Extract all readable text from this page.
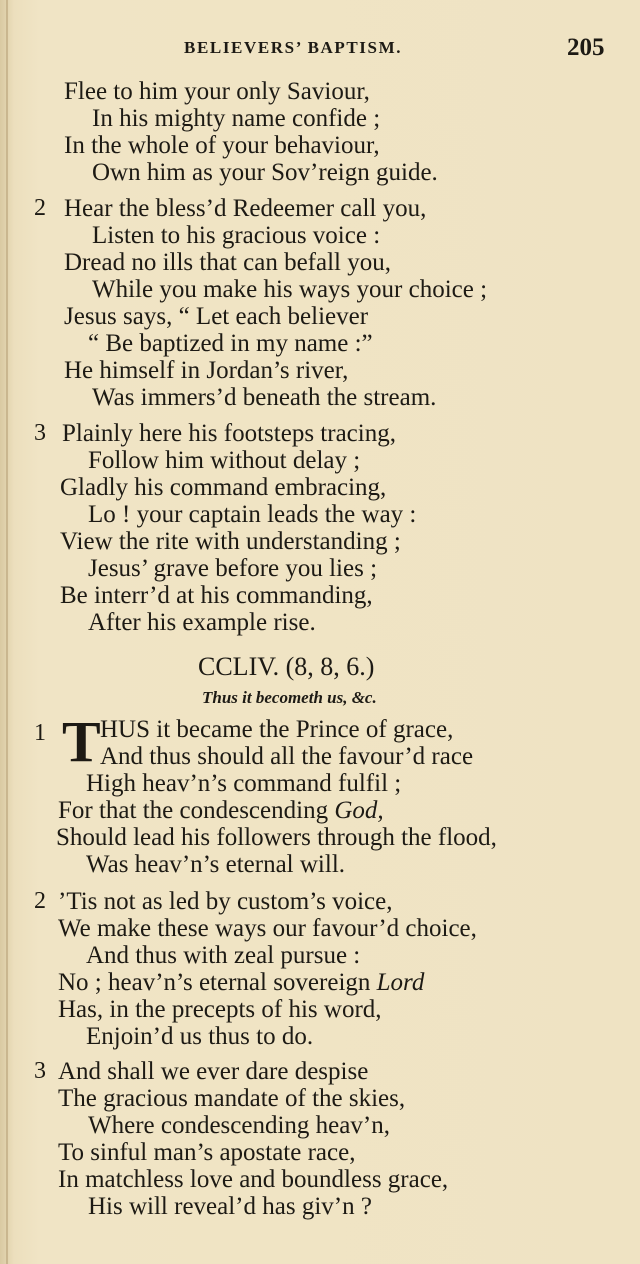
BELIEVERS’ BAPTISM.	205
Flee to him your only Saviour,
In his mighty name confide ;
In the whole of your behaviour,
Own him as your Sov’reign guide.
2 Hear the bless’d Redeemer call you,
Listen to his gracious voice :
Dread no ills that can befall you,
While you make his ways your choice ;
Jesus says, “ Let each believer
“ Be baptized in my name :”
He himself in Jordan’s river,
Was immers’d beneath the stream.
3 Plainly here his footsteps tracing,
Follow him without delay ;
Gladly his command embracing,
Lo ! your captain leads the way :
View the rite with understanding ;
Jesus’ grave before you lies ;
Be interr’d at his commanding,
After his example rise.
CCLIV. (8, 8, 6.)
Thus it becometh us, &c.
1 T HUS it became the Prince of grace,
And thus should all the favour’d race
High heav’n’s command fulfil ;
For that the condescending God,
Should lead his followers through the flood,
Was heav’n’s eternal will.
2 ’Tis not as led by custom’s voice,
We make these ways our favour’d choice,
And thus with zeal pursue :
No ; heav’n’s eternal sovereign Lord
Has, in the precepts of his word,
Enjoin’d us thus to do.
3 And shall we ever dare despise
The gracious mandate of the skies,
Where condescending heav’n,
To sinful man’s apostate race,
In matchless love and boundless grace,
His will reveal’d has giv’n ?
